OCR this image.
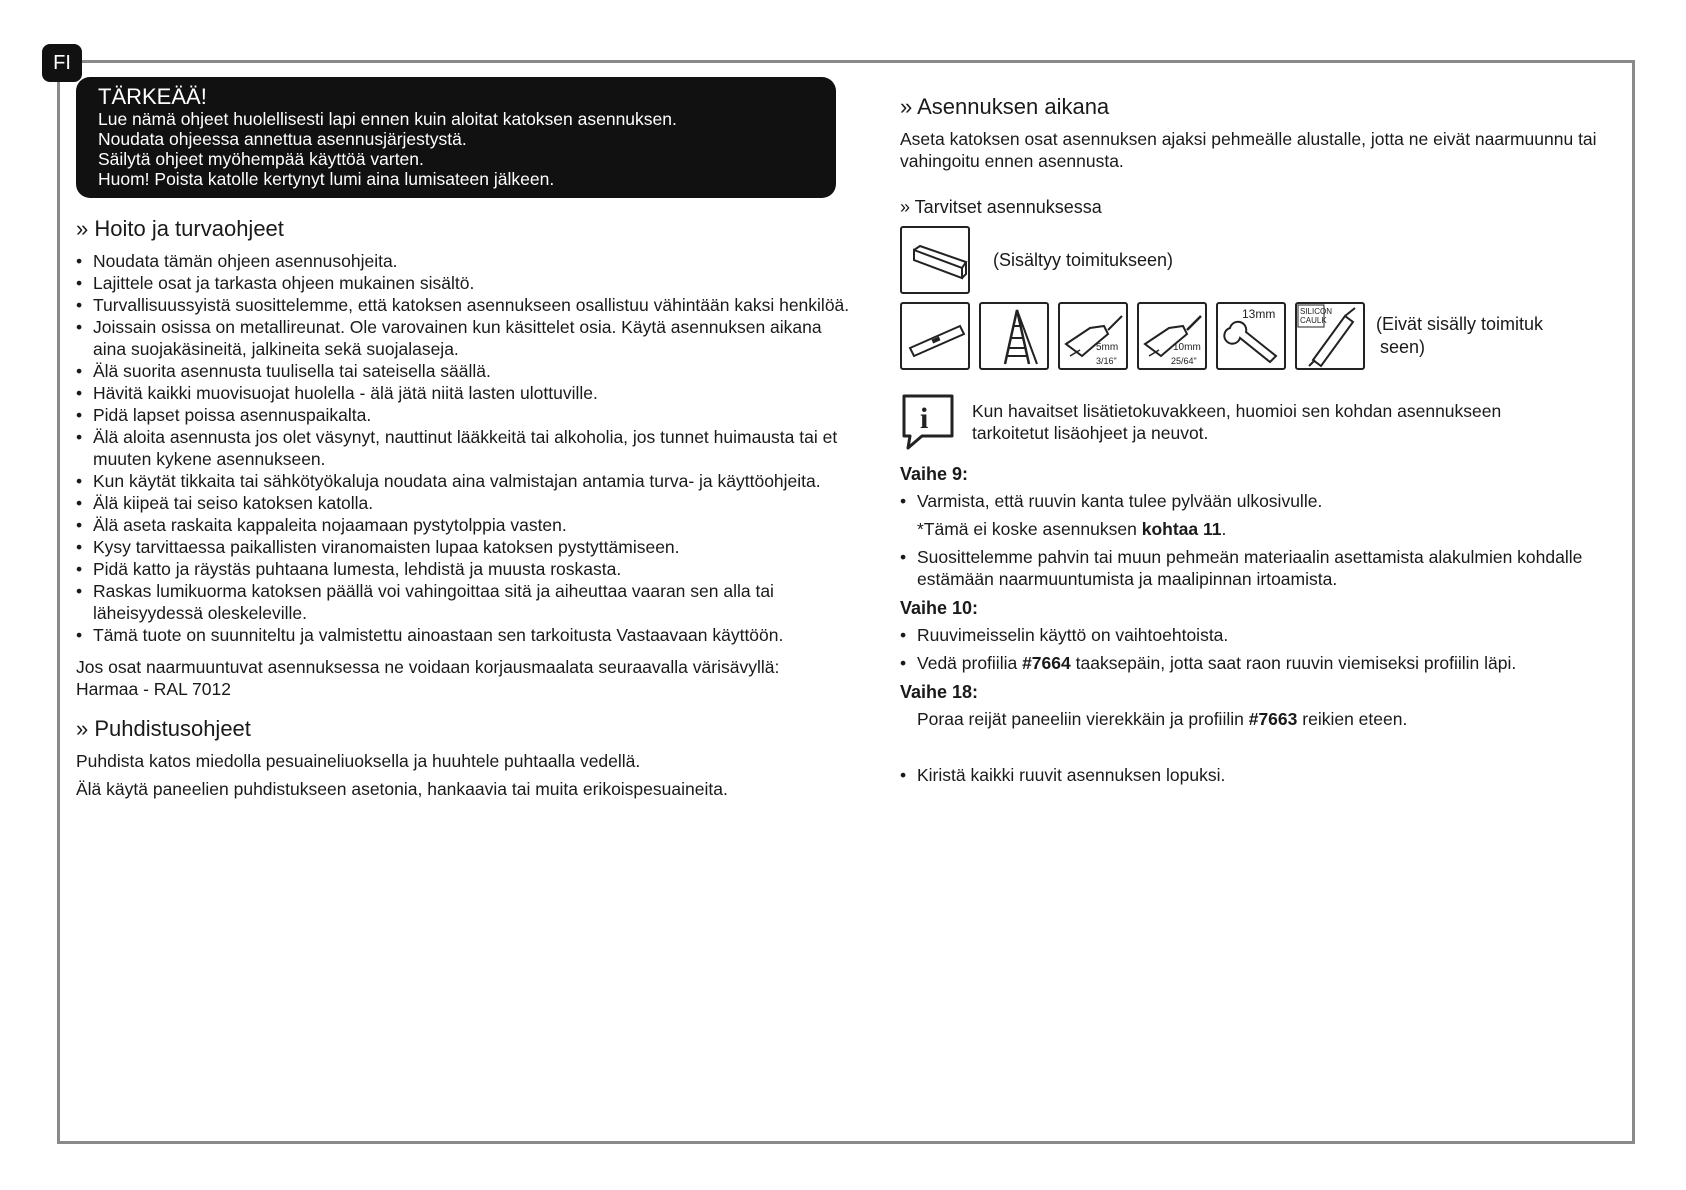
FI
TÄRKEÄÄ!

Lue nämä ohjeet huolellisesti lapi ennen kuin aloitat katoksen asennuksen.

Noudata ohjeessa annettua asennusjärjestystä.

Säilytä ohjeet myöhempää käyttöä varten.

Huom! Poista katolle kertynyt lumi aina lumisateen jälkeen.

» Hoito ja turvaohjeet
• Noudata tämän ohjeen asennusohjeita.
• Lajittele osat ja tarkasta ohjeen mukainen sisältö.
• Turvallisuussyistä suosittelemme, että katoksen asennukseen osallistuu vähintään kaksi henkilöä.
• Joissain osissa on metallireunat. Ole varovainen kun käsittelet osia. Käytä asennuksen aikana aina suojakäsineitä, jalkineita sekä suojalaseja.
• Älä suorita asennusta tuulisella tai sateisella säällä.
• Hävitä kaikki muovisuojat huolella - älä jätä niitä lasten ulottuville.
• Pidä lapset poissa asennuspaikalta.
• Älä aloita asennusta jos olet väsynyt, nauttinut lääkkeitä tai alkoholia, jos tunnet huimausta tai et muuten kykene asennukseen.
• Kun käytät tikkaita tai sähkötyökaluja noudata aina valmistajan antamia turva- ja käyttöohjeita.
• Älä kiipeä tai seiso katoksen katolla.
• Älä aseta raskaita kappaleita nojaamaan pystytolppia vasten.
• Kysy tarvittaessa paikallisten viranomaisten lupaa katoksen pystyttämiseen.
• Pidä katto ja räystäs puhtaana lumesta, lehdistä ja muusta roskasta.
• Raskas lumikuorma katoksen päällä voi vahingoittaa sitä ja aiheuttaa vaaran sen alla tai läheisyydessä oleskeleville.
• Tämä tuote on suunniteltu ja valmistettu ainoastaan sen tarkoitusta Vastaavaan käyttöön.

Jos osat naarmuuntuvat asennuksessa ne voidaan korjausmaalata seuraavalla värisävyllä:

Harmaa - RAL 7012

» Puhdistusohjeet

Puhdista katos miedolla pesuaineliuoksella ja huuhtele puhtaalla vedellä.

Älä käytä paneelien puhdistukseen asetonia, hankaavia tai muita erikoispesuaineita.

» Asennuksen aikana

Aseta katoksen osat asennuksen ajaksi pehmeälle alustalle, jotta ne eivät naarmuunnu tai vahingoitu ennen asennusta.

» Tarvitset asennuksessa
(Sisältyy toimitukseen)
5mm
3/16"
10mm
25/64"
13mm	SILICON
CAULK	(Eivät sisälly toimituk
seen)
i Kun havaitset lisätietokuvakkeen, huomioi sen kohdan asennukseen tarkoitetut lisäohjeet ja neuvot.

Vaihe 9:
• Varmista, että ruuvin kanta tulee pylvään ulkosivulle.
*Tämä ei koske asennuksen kohtaa 11.
• Suosittelemme pahvin tai muun pehmeän materiaalin asettamista alakulmien kohdalle estämään naarmuuntumista ja maalipinnan irtoamista.
Vaihe 10:
• Ruuvimeisselin käyttö on vaihtoehtoista.
• Vedä profiilia #7664 taaksepäin, jotta saat raon ruuvin viemiseksi profiilin läpi.
Vaihe 18:
Poraa reijät paneeliin vierekkäin ja profiilin #7663 reikien eteen.
• Kiristä kaikki ruuvit asennuksen lopuksi.
